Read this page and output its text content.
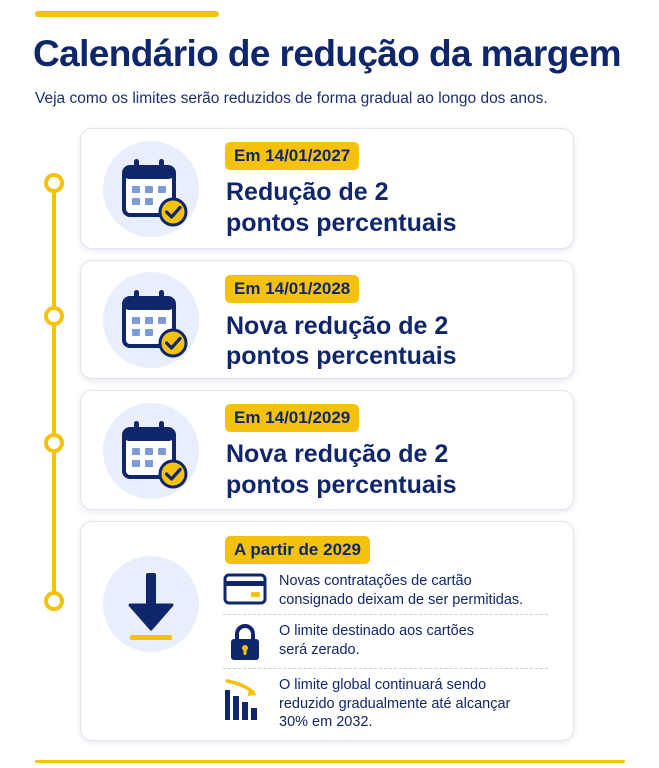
Calendário de redução da margem

Veja como os limites serão reduzidos de forma gradual ao longo dos anos.

Em 14/01/2027
Redução de 2
pontos percentuais
Em 14/01/2028
Nova redução de 2
pontos percentuais
Em 14/01/2029
Nova redução de 2
pontos percentuais
A partir de 2029
Novas contratações de cartão
consignado deixam de ser permitidas.
O limite destinado aos cartões
será zerado.
O limite global continuará sendo
reduzido gradualmente até alcançar
30% em 2032.
